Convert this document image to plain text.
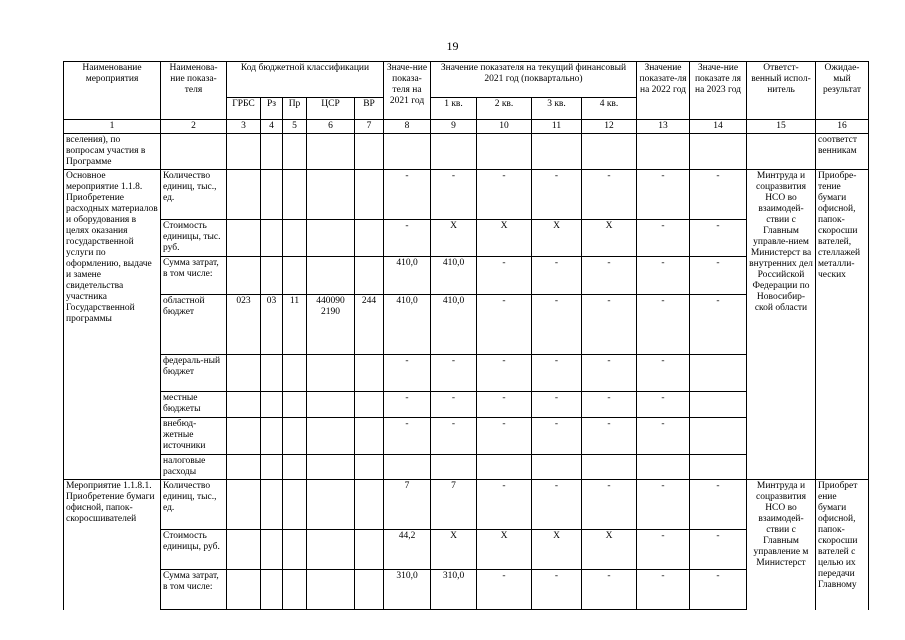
19
Наименование мероприятия	Наименова-ние показа-теля	Код бюджетной классификации					Значе-ние показа-теля на 2021 год	Значение показателя на текущий финансовый 2021 год (поквартально)				Значение показате-ля на 2022 год	Значе-ние показате ля на 2023 год	Ответст-венный испол-нитель	Ожидае-мый результат
		ГРБС	Рз	Пр	ЦСР	ВР		1 кв.	2 кв.	3 кв.	4 кв.				
1	2	3	4	5	6	7	8	9	10	11	12	13	14	15	16
вселения), по вопросам участия в Программе															соответст венникам
Основное мероприятие 1.1.8. Приобретение расходных материалов и оборудования в целях оказания государственной услуги по оформлению, выдаче и замене свидетельства участника Государственной программы	Количество единиц, тыс., ед.						-	-	-	-	-	-	-	Минтруда и соцразвития НСО во взаимодей-ствии с Главным управле-нием Министерст ва внутренних дел Российской Федерации по Новосибир-ской области	Приобре-тение бумаги офисной, папок-скоросши вателей, стеллажей металли-ческих
	Стоимость единицы, тыс. руб.						-	Х	Х	Х	Х	-	-		
	Сумма затрат, в том числе:						410,0	410,0	-	-	-	-	-		
	областной бюджет	023	03	11	440090 2190	244	410,0	410,0	-	-	-	-	-		
	федераль-ный бюджет						-	-	-	-	-	-			
	местные бюджеты						-	-	-	-	-	-			
	внебюд-жетные источники						-	-	-	-	-	-			
	налоговые расходы														
Мероприятие 1.1.8.1. Приобретение бумаги офисной, папок-скоросшивателей	Количество единиц, тыс., ед.						7	7	-	-	-	-	-	Минтруда и соцразвития НСО во взаимодей-ствии с Главным управление м Министерст	Приобрет ение бумаги офисной, папок-скоросши вателей с целью их передачи Главному
	Стоимость единицы, руб.						44,2	Х	Х	Х	Х	-	-		
	Сумма затрат, в том числе:						310,0	310,0	-	-	-	-	-		
